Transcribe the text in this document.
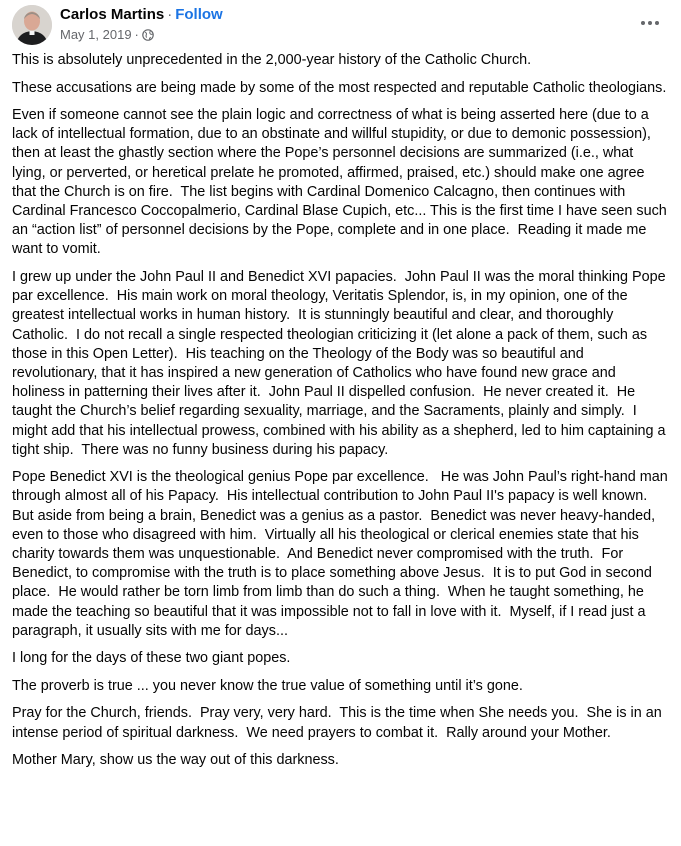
Carlos Martins · Follow
May 1, 2019 ·

This is absolutely unprecedented in the 2,000-year history of the Catholic Church.

These accusations are being made by some of the most respected and reputable Catholic theologians.

Even if someone cannot see the plain logic and correctness of what is being asserted here (due to a lack of intellectual formation, due to an obstinate and willful stupidity, or due to demonic possession), then at least the ghastly section where the Pope’s personnel decisions are summarized (i.e., what lying, or perverted, or heretical prelate he promoted, affirmed, praised, etc.) should make one agree that the Church is on fire.  The list begins with Cardinal Domenico Calcagno, then continues with Cardinal Francesco Coccopalmerio, Cardinal Blase Cupich, etc... This is the first time I have seen such an “action list” of personnel decisions by the Pope, complete and in one place.  Reading it made me want to vomit.

I grew up under the John Paul II and Benedict XVI papacies.  John Paul II was the moral thinking Pope par excellence.  His main work on moral theology, Veritatis Splendor, is, in my opinion, one of the greatest intellectual works in human history.  It is stunningly beautiful and clear, and thoroughly Catholic.  I do not recall a single respected theologian criticizing it (let alone a pack of them, such as those in this Open Letter).  His teaching on the Theology of the Body was so beautiful and revolutionary, that it has inspired a new generation of Catholics who have found new grace and holiness in patterning their lives after it.  John Paul II dispelled confusion.  He never created it.  He taught the Church’s belief regarding sexuality, marriage, and the Sacraments, plainly and simply.  I might add that his intellectual prowess, combined with his ability as a shepherd, led to him captaining a tight ship.  There was no funny business during his papacy.

Pope Benedict XVI is the theological genius Pope par excellence.   He was John Paul’s right-hand man through almost all of his Papacy.  His intellectual contribution to John Paul II's papacy is well known.  But aside from being a brain, Benedict was a genius as a pastor.  Benedict was never heavy-handed, even to those who disagreed with him.  Virtually all his theological or clerical enemies state that his charity towards them was unquestionable.  And Benedict never compromised with the truth.  For Benedict, to compromise with the truth is to place something above Jesus.  It is to put God in second place.  He would rather be torn limb from limb than do such a thing.  When he taught something, he made the teaching so beautiful that it was impossible not to fall in love with it.  Myself, if I read just a paragraph, it usually sits with me for days...

I long for the days of these two giant popes.

The proverb is true ... you never know the true value of something until it’s gone.

Pray for the Church, friends.  Pray very, very hard.  This is the time when She needs you.  She is in an intense period of spiritual darkness.  We need prayers to combat it.  Rally around your Mother.

Mother Mary, show us the way out of this darkness.
